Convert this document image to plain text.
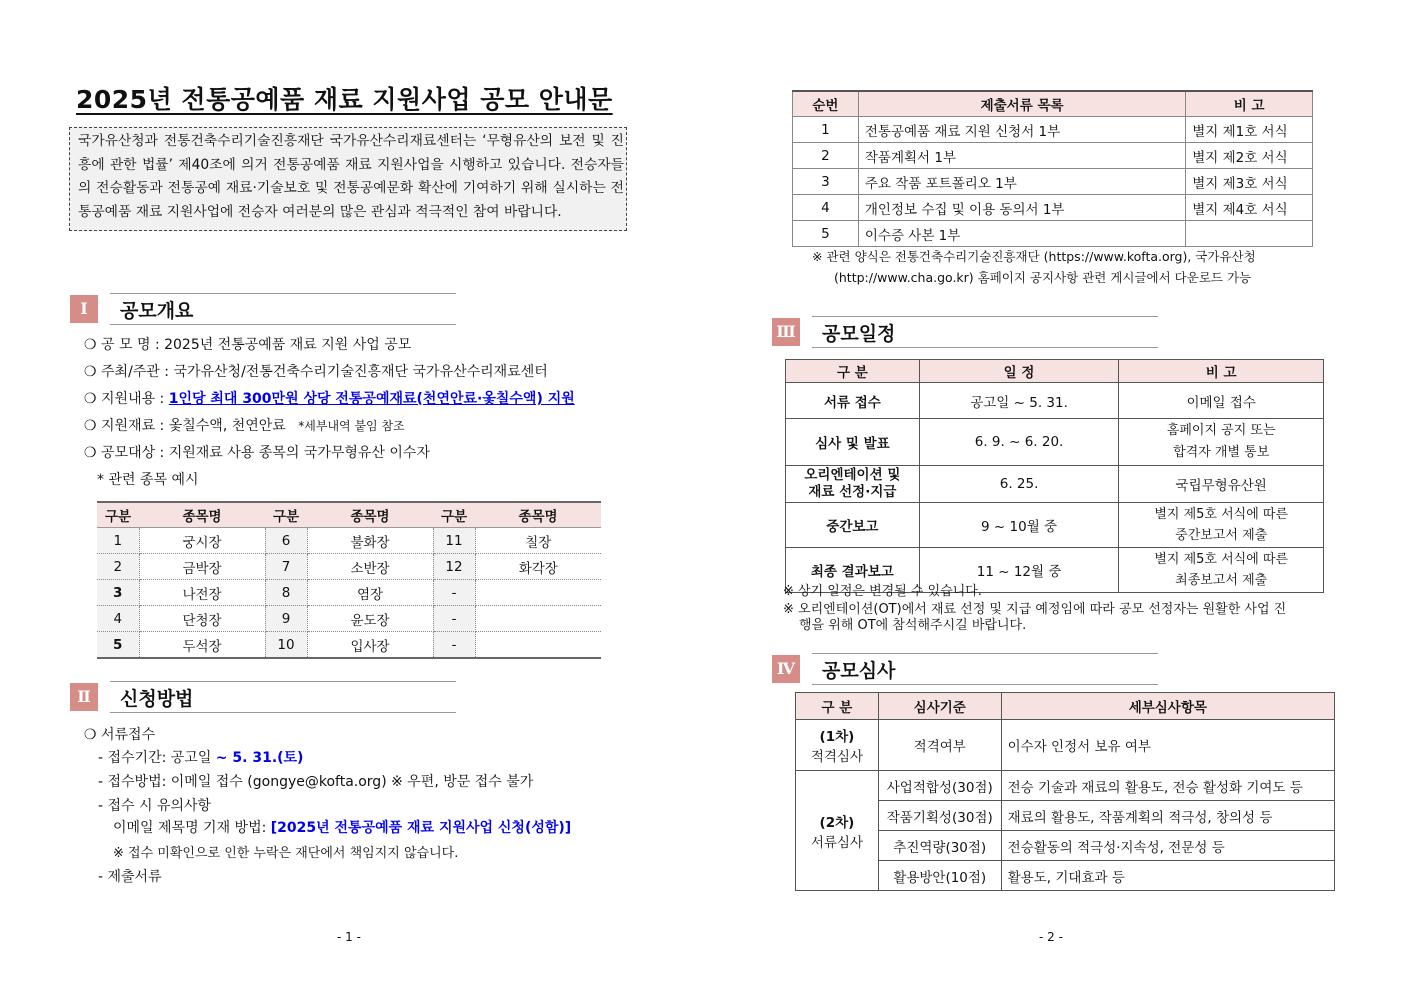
2025년 전통공예품 재료 지원사업 공모 안내문
국가유산청과 전통건축수리기술진흥재단 국가유산수리재료센터는 ‘무형유산의 보전 및 진흥에 관한 법률’ 제40조에 의거 전통공예품 재료 지원사업을 시행하고 있습니다. 전승자들의 전승활동과 전통공예 재료·기술보호 및 전통공예문화 확산에 기여하기 위해 실시하는 전통공예품 재료 지원사업에 전승자 여러분의 많은 관심과 적극적인 참여 바랍니다.
Ⅰ	공모개요
❍ 공 모 명 : 2025년 전통공예품 재료 지원 사업 공모
❍ 주최/주관 : 국가유산청/전통건축수리기술진흥재단 국가유산수리재료센터
❍ 지원내용 : 1인당 최대 300만원 상당 전통공예재료(천연안료·옻칠수액) 지원
❍ 지원재료 : 옻칠수액, 천연안료 *세부내역 붙임 참조
❍ 공모대상 : 지원재료 사용 종목의 국가무형유산 이수자
* 관련 종목 예시
구분	종목명	구분	종목명	구분	종목명
1	궁시장	6	불화장	11	칠장
2	금박장	7	소반장	12	화각장
3	나전장	8	염장	-	
4	단청장	9	윤도장	-	
5	두석장	10	입사장	-	
Ⅱ	신청방법
❍ 서류접수
- 접수기간: 공고일 ~ 5. 31.(토)
- 접수방법: 이메일 접수 (gongye@kofta.org) ※ 우편, 방문 접수 불가
- 접수 시 유의사항
이메일 제목명 기재 방법: [2025년 전통공예품 재료 지원사업 신청(성함)]
※ 접수 미확인으로 인한 누락은 재단에서 책임지지 않습니다.
- 제출서류
- 1 -
순번	제출서류 목록	비 고
1	전통공예품 재료 지원 신청서 1부	별지 제1호 서식
2	작품계획서 1부	별지 제2호 서식
3	주요 작품 포트폴리오 1부	별지 제3호 서식
4	개인정보 수집 및 이용 동의서 1부	별지 제4호 서식
5	이수증 사본 1부	
※ 관련 양식은 전통건축수리기술진흥재단 (https://www.kofta.org), 국가유산청
(http://www.cha.go.kr) 홈페이지 공지사항 관련 게시글에서 다운로드 가능
Ⅲ 공모일정
구 분	일 정	비 고
서류 접수	공고일 ~ 5. 31.	이메일 접수
심사 및 발표	6. 9. ~ 6. 20.	홈페이지 공지 또는
합격자 개별 통보
오리엔테이션 및
재료 선정·지급	6. 25.	국립무형유산원
중간보고	9 ~ 10월 중	별지 제5호 서식에 따른
중간보고서 제출
최종 결과보고	11 ~ 12월 중	별지 제5호 서식에 따른
최종보고서 제출
※ 상기 일정은 변경될 수 있습니다.
※ 오리엔테이션(OT)에서 재료 선정 및 지급 예정임에 따라 공모 선정자는 원활한 사업 진
행을 위해 OT에 참석해주시길 바랍니다.
Ⅳ 공모심사
구 분	심사기준	세부심사항목

(1차)
적격심사	적격여부	이수자 인정서 보유 여부

(2차)
서류심사	사업적합성(30점)	전승 기술과 재료의 활용도, 전승 활성화 기여도 등
	작품기획성(30점)	재료의 활용도, 작품계획의 적극성, 창의성 등
	추진역량(30점)	전승활동의 적극성·지속성, 전문성 등
	활용방안(10점)	활용도, 기대효과 등
- 2 -
